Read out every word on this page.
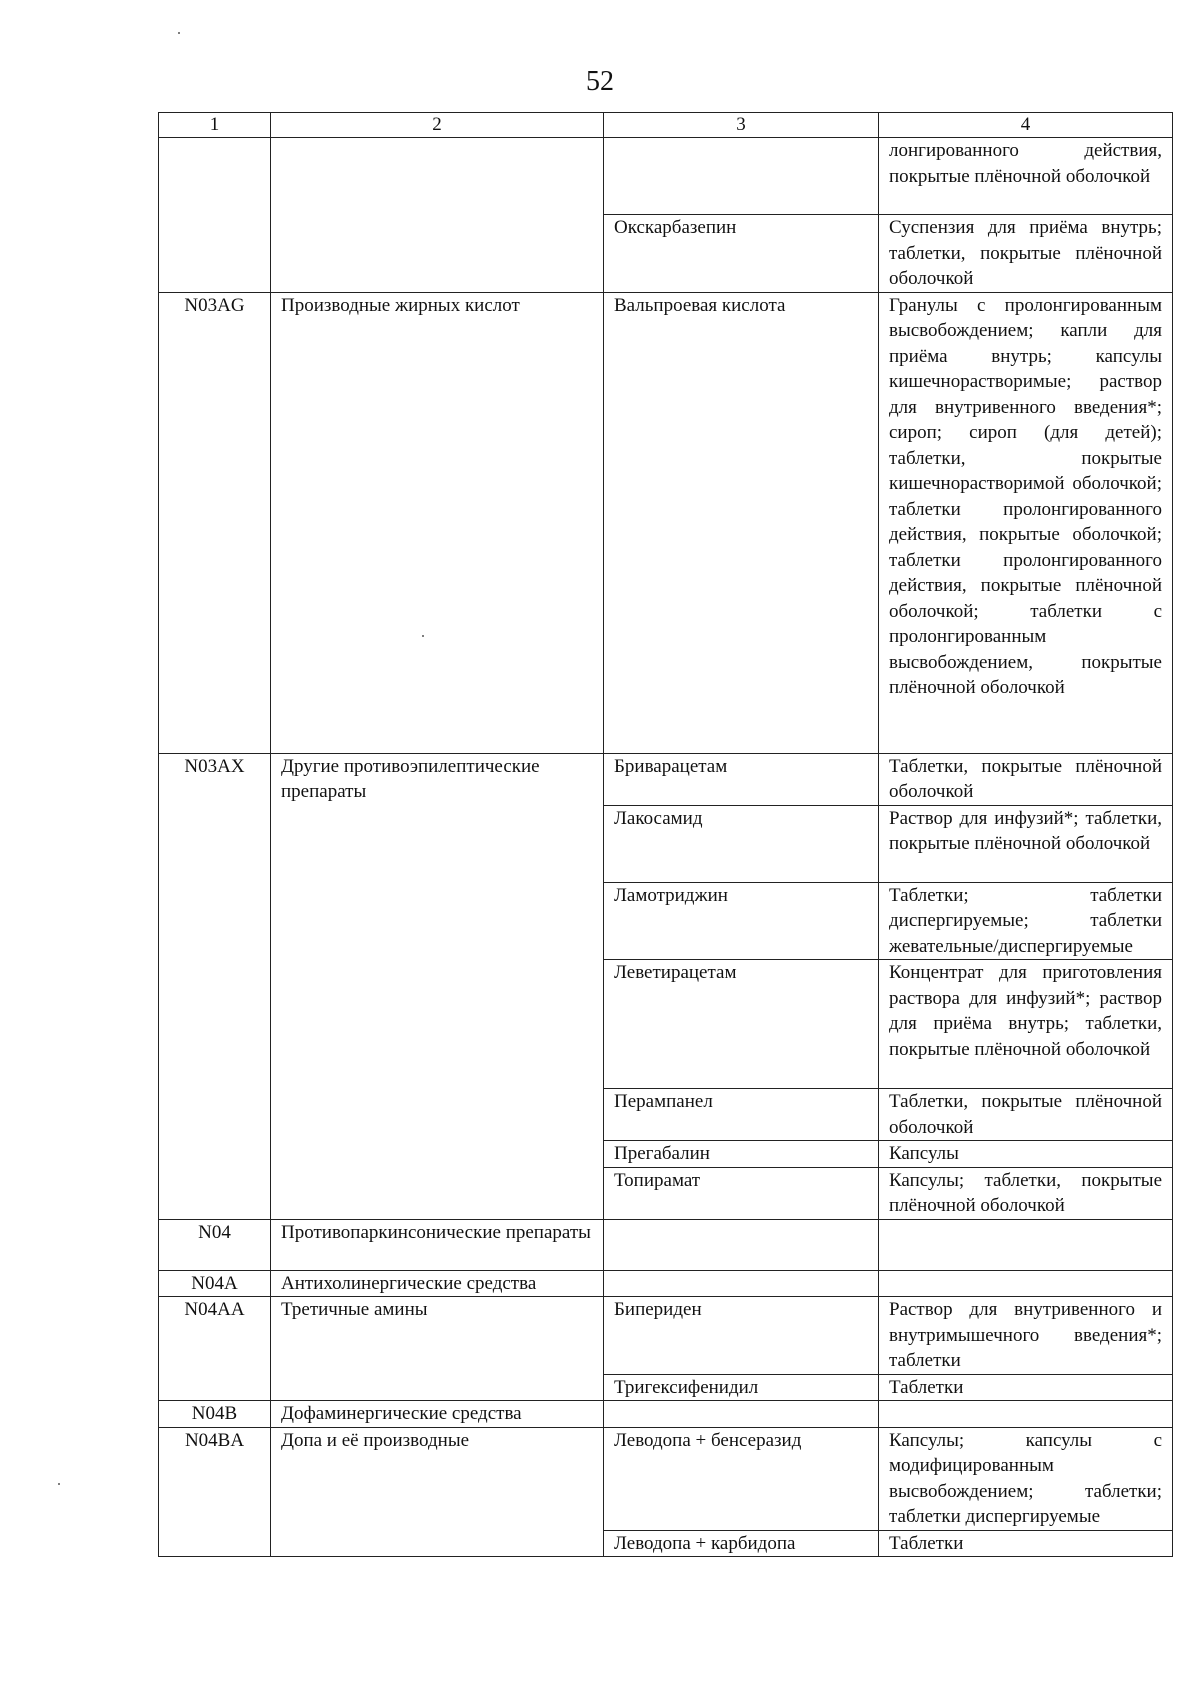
52
1	2	3	4
			лонгированного действия, покрытые плёночной оболочкой
		Окскарбазепин	Суспензия для приёма внутрь; таблетки, покрытые плёночной оболочкой
N03AG	Производные жирных кислот	Вальпроевая кислота	Гранулы с пролонгированным высвобождением; капли для приёма внутрь; капсулы кишечнорастворимые; раствор для внутривенного введения*; сироп; сироп (для детей); таблетки, покрытые кишечнорастворимой оболочкой; таблетки пролонгированного действия, покрытые оболочкой; таблетки пролонгированного действия, покрытые плёночной оболочкой; таблетки с пролонгированным высвобождением, покрытые плёночной оболочкой
N03AX	Другие противоэпилептические препараты	Бриварацетам	Таблетки, покрытые плёночной оболочкой
		Лакосамид	Раствор для инфузий*; таблетки, покрытые плёночной оболочкой
		Ламотриджин	Таблетки; таблетки диспергируемые; таблетки жевательные/диспергируемые
		Леветирацетам	Концентрат для приготовления раствора для инфузий*; раствор для приёма внутрь; таблетки, покрытые плёночной оболочкой
		Перампанел	Таблетки, покрытые плёночной оболочкой
		Прегабалин	Капсулы
		Топирамат	Капсулы; таблетки, покрытые плёночной оболочкой
N04	Противопаркинсонические препараты		
N04A	Антихолинергические средства		
N04AA	Третичные амины	Бипериден	Раствор для внутривенного и внутримышечного введения*; таблетки
		Тригексифенидил	Таблетки
N04B	Дофаминергические средства		
N04BA	Допа и её производные	Леводопа + бенсеразид	Капсулы; капсулы с модифицированным высвобождением; таблетки; таблетки диспергируемые
		Леводопа + карбидопа	Таблетки
